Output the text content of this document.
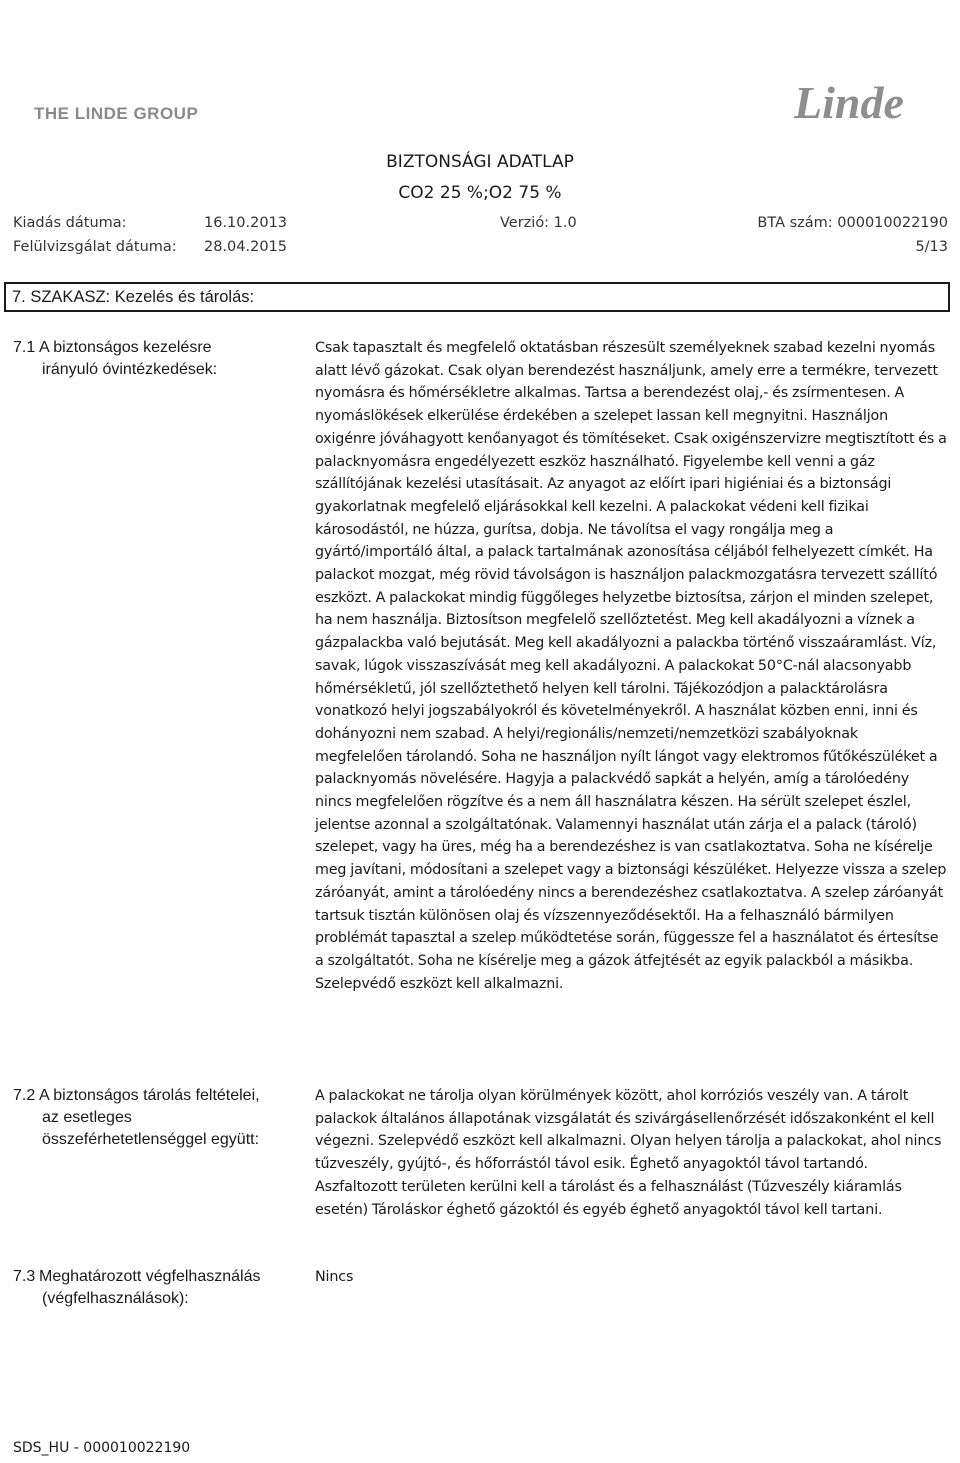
THE LINDE GROUP	Linde
BIZTONSÁGI ADATLAP
CO2 25 %;O2 75 %
Kiadás dátuma:	16.10.2013	Verzió: 1.0	BTA szám: 000010022190
Felülvizsgálat dátuma: 28.04.2015	5/13
7. SZAKASZ: Kezelés és tárolás:
7.1 A biztonságos kezelésre
irányuló óvintézkedések:
Csak tapasztalt és megfelelő oktatásban részesült személyeknek szabad kezelni nyomás alatt lévő gázokat. Csak olyan berendezést használjunk, amely erre a termékre, tervezett nyomásra és hőmérsékletre alkalmas. Tartsa a berendezést olaj,- és zsírmentesen. A nyomáslökések elkerülése érdekében a szelepet lassan kell megnyitni. Használjon oxigénre jóváhagyott kenőanyagot és tömítéseket. Csak oxigénszervizre megtisztított és a palacknyomásra engedélyezett eszköz használható. Figyelembe kell venni a gáz szállítójának kezelési utasításait. Az anyagot az előírt ipari higiéniai és a biztonsági gyakorlatnak megfelelő eljárásokkal kell kezelni. A palackokat védeni kell fizikai károsodástól, ne húzza, gurítsa, dobja. Ne távolítsa el vagy rongálja meg a gyártó/importáló által, a palack tartalmának azonosítása céljából felhelyezett címkét. Ha palackot mozgat, még rövid távolságon is használjon palackmozgatásra tervezett szállító eszközt. A palackokat mindig függőleges helyzetbe biztosítsa, zárjon el minden szelepet, ha nem használja. Biztosítson megfelelő szellőztetést. Meg kell akadályozni a víznek a gázpalackba való bejutását. Meg kell akadályozni a palackba történő visszaáramlást. Víz, savak, lúgok visszaszívását meg kell akadályozni. A palackokat 50°C-nál alacsonyabb hőmérsékletű, jól szellőztethető helyen kell tárolni. Tájékozódjon a palacktárolásra vonatkozó helyi jogszabályokról és követelményekről. A használat közben enni, inni és dohányozni nem szabad. A helyi/regionális/nemzeti/nemzetközi szabályoknak megfelelően tárolandó. Soha ne használjon nyílt lángot vagy elektromos fűtőkészüléket a palacknyomás növelésére. Hagyja a palackvédő sapkát a helyén, amíg a tárolóedény nincs megfelelően rögzítve és a nem áll használatra készen. Ha sérült szelepet észlel, jelentse azonnal a szolgáltatónak. Valamennyi használat után zárja el a palack (tároló) szelepet, vagy ha üres, még ha a berendezéshez is van csatlakoztatva. Soha ne kísérelje meg javítani, módosítani a szelepet vagy a biztonsági készüléket. Helyezze vissza a szelep záróanyát, amint a tárolóedény nincs a berendezéshez csatlakoztatva. A szelep záróanyát tartsuk tisztán különösen olaj és vízszennyeződésektől. Ha a felhasználó bármilyen problémát tapasztal a szelep működtetése során, függessze fel a használatot és értesítse a szolgáltatót. Soha ne kísérelje meg a gázok átfejtését az egyik palackból a másikba. Szelepvédő eszközt kell alkalmazni.
7.2 A biztonságos tárolás feltételei,
az esetleges
összeférhetetlenséggel együtt:
A palackokat ne tárolja olyan körülmények között, ahol korróziós veszély van. A tárolt palackok általános állapotának vizsgálatát és szivárgásellenőrzését időszakonként el kell végezni. Szelepvédő eszközt kell alkalmazni. Olyan helyen tárolja a palackokat, ahol nincs tűzveszély, gyújtó-, és hőforrástól távol esik. Éghető anyagoktól távol tartandó. Aszfaltozott területen kerülni kell a tárolást és a felhasználást (Tűzveszély kiáramlás esetén) Tároláskor éghető gázoktól és egyéb éghető anyagoktól távol kell tartani.
7.3 Meghatározott végfelhasználás
(végfelhasználások):
Nincs
SDS_HU - 000010022190
